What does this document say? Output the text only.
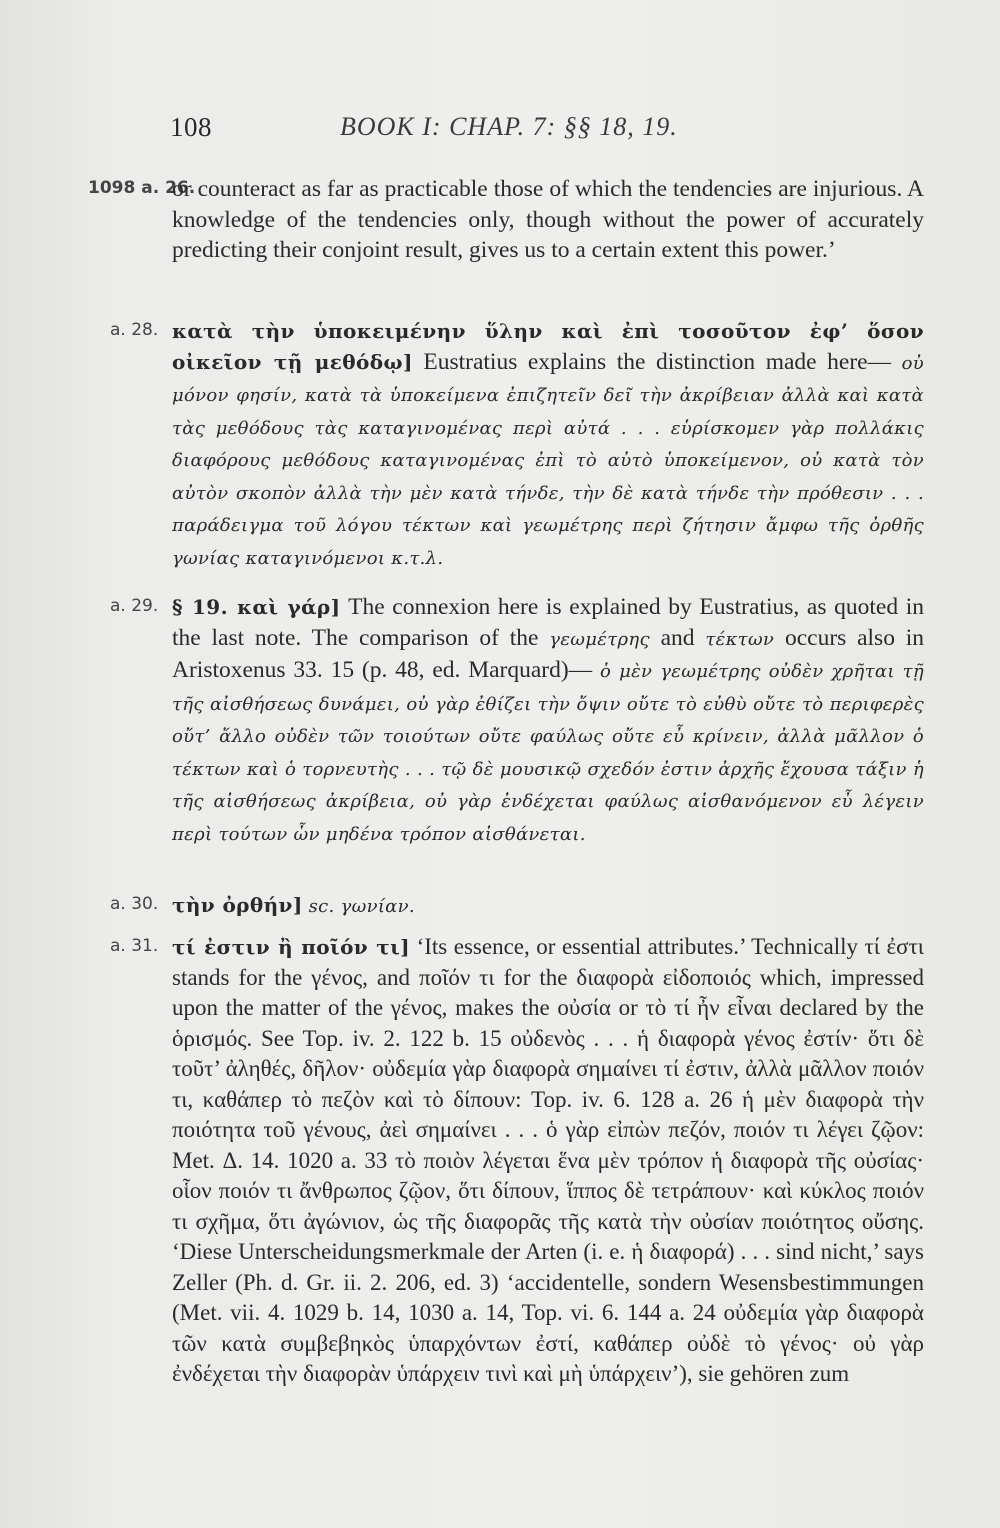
108	BOOK I: CHAP. 7: §§ 18, 19.
1098 a. 26.
or counteract as far as practicable those of which the tendencies are injurious. A knowledge of the tendencies only, though without the power of accurately predicting their conjoint result, gives us to a certain extent this power.’
a. 28. κατὰ τὴν ὑποκειμένην ὕλην καὶ ἐπὶ τοσοῦτον ἐφ’ ὅσον οἰκεῖον τῇ μεθόδῳ] Eustratius explains the distinction made here— οὐ μόνον φησίν, κατὰ τὰ ὑποκείμενα ἐπιζητεῖν δεῖ τὴν ἀκρίβειαν ἀλλὰ καὶ κατὰ τὰς μεθόδους τὰς καταγινομένας περὶ αὐτά . . . εὑρίσκομεν γὰρ πολλάκις διαφόρους μεθόδους καταγινομένας ἐπὶ τὸ αὐτὸ ὑποκείμενον, οὐ κατὰ τὸν αὐτὸν σκοπὸν ἀλλὰ τὴν μὲν κατὰ τήνδε, τὴν δὲ κατὰ τήνδε τὴν πρόθεσιν . . . παράδειγμα τοῦ λόγου τέκτων καὶ γεωμέτρης περὶ ζήτησιν ἄμφω τῆς ὀρθῆς γωνίας καταγινόμενοι κ.τ.λ.
a. 29. § 19. καὶ γάρ] The connexion here is explained by Eustratius, as quoted in the last note. The comparison of the γεωμέτρης and τέκτων occurs also in Aristoxenus 33. 15 (p. 48, ed. Marquard)— ὁ μὲν γεωμέτρης οὐδὲν χρῆται τῇ τῆς αἰσθήσεως δυνάμει, οὐ γὰρ ἐθίζει τὴν ὄψιν οὔτε τὸ εὐθὺ οὔτε τὸ περιφερὲς οὔτ’ ἄλλο οὐδὲν τῶν τοιούτων οὔτε φαύλως οὔτε εὖ κρίνειν, ἀλλὰ μᾶλλον ὁ τέκτων καὶ ὁ τορνευτὴς . . . τῷ δὲ μουσικῷ σχεδόν ἐστιν ἀρχῆς ἔχουσα τάξιν ἡ τῆς αἰσθήσεως ἀκρίβεια, οὐ γὰρ ἐνδέχεται φαύλως αἰσθανόμενον εὖ λέγειν περὶ τούτων ὧν μηδένα τρόπον αἰσθάνεται.
a. 30. τὴν ὀρθήν] sc. γωνίαν.
a. 31. τί ἐστιν ἢ ποῖόν τι] ‘Its essence, or essential attributes.’ Technically τί ἐστι stands for the γένος, and ποῖόν τι for the διαφορὰ εἰδοποιός which, impressed upon the matter of the γένος, makes the οὐσία or τὸ τί ἦν εἶναι declared by the ὁρισμός. See Top. iv. 2. 122 b. 15 οὐδενὸς . . . ἡ διαφορὰ γένος ἐστίν· ὅτι δὲ τοῦτ’ ἀληθές, δῆλον· οὐδεμία γὰρ διαφορὰ σημαίνει τί ἐστιν, ἀλλὰ μᾶλλον ποιόν τι, καθάπερ τὸ πεζὸν καὶ τὸ δίπουν: Top. iv. 6. 128 a. 26 ἡ μὲν διαφορὰ τὴν ποιότητα τοῦ γένους, ἀεὶ σημαίνει . . . ὁ γὰρ εἰπὼν πεζόν, ποιόν τι λέγει ζῷον: Met. Δ. 14. 1020 a. 33 τὸ ποιὸν λέγεται ἕνα μὲν τρόπον ἡ διαφορὰ τῆς οὐσίας· οἷον ποιόν τι ἄνθρωπος ζῷον, ὅτι δίπουν, ἵππος δὲ τετράπουν· καὶ κύκλος ποιόν τι σχῆμα, ὅτι ἀγώνιον, ὡς τῆς διαφορᾶς τῆς κατὰ τὴν οὐσίαν ποιότητος οὔσης. ‘Diese Unterscheidungsmerkmale der Arten (i. e. ἡ διαφορά) . . . sind nicht,’ says Zeller (Ph. d. Gr. ii. 2. 206, ed. 3) ‘accidentelle, sondern Wesensbestimmungen (Met. vii. 4. 1029 b. 14, 1030 a. 14, Top. vi. 6. 144 a. 24 οὐδεμία γὰρ διαφορὰ τῶν κατὰ συμβεβηκὸς ὑπαρχόντων ἐστί, καθάπερ οὐδὲ τὸ γένος· οὐ γὰρ ἐνδέχεται τὴν διαφορὰν ὑπάρχειν τινὶ καὶ μὴ ὑπάρχειν’), sie gehören zum
